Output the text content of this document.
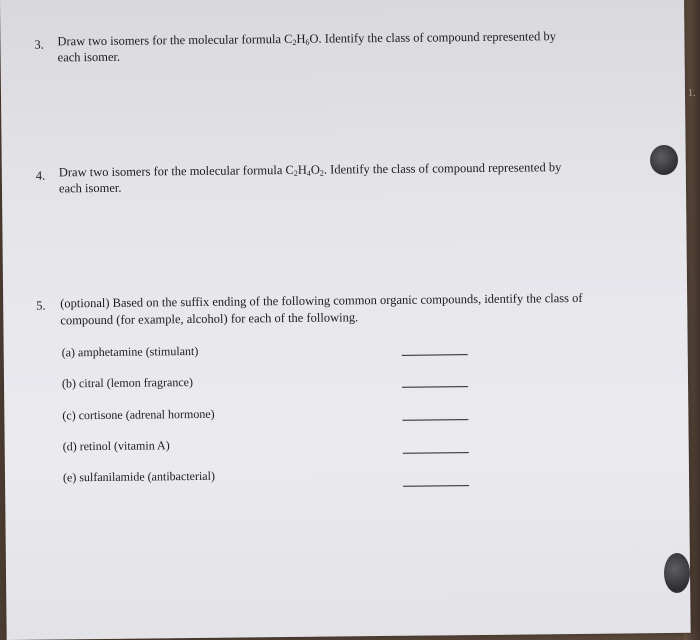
1.
3. Draw two isomers for the molecular formula $C_2H_6O$. Identify the class of compound represented by
each isomer.
4. Draw two isomers for the molecular formula $C_2H_4O_2$. Identify the class of compound represented by
each isomer.
5. (optional) Based on the suffix ending of the following common organic compounds, identify the class of
compound (for example, alcohol) for each of the following.
(a) amphetamine (stimulant)
(b) citral (lemon fragrance)
(c) cortisone (adrenal hormone)
(d) retinol (vitamin A)
(e) sulfanilamide (antibacterial)
